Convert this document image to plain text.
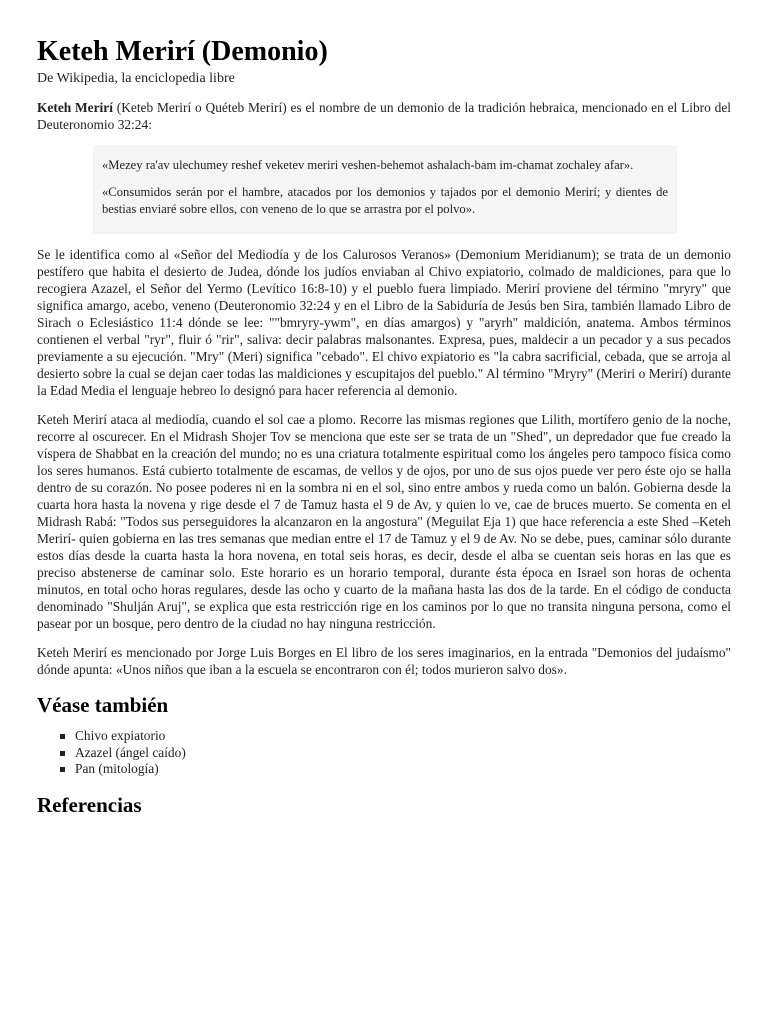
Keteh Merirí (Demonio)
De Wikipedia, la enciclopedia libre

Keteh Merirí (Keteb Merirí o Quéteb Merirí) es el nombre de un demonio de la tradición hebraica, mencionado en el Libro del Deuteronomio 32:24:

«Mezey ra'av ulechumey reshef veketev meriri veshen-behemot ashalach-bam im-chamat zochaley afar».

«Consumidos serán por el hambre, atacados por los demonios y tajados por el demonio Merirí; y dientes de bestias enviaré sobre ellos, con veneno de lo que se arrastra por el polvo».

Se le identifica como al «Señor del Mediodía y de los Calurosos Veranos» (Demonium Meridianum); se trata de un demonio pestífero que habita el desierto de Judea, dónde los judíos enviaban al Chivo expiatorio, colmado de maldiciones, para que lo recogiera Azazel, el Señor del Yermo (Levítico 16:8-10) y el pueblo fuera limpiado. Merirí proviene del término "mryry" que significa amargo, acebo, veneno (Deuteronomio 32:24 y en el Libro de la Sabiduría de Jesús ben Sira, también llamado Libro de Sirach o Eclesiástico 11:4 dónde se lee: ""bmryry-ywm", en días amargos) y "aryrh" maldición, anatema. Ambos términos contienen el verbal "ryr", fluir ó "rir", saliva: decir palabras malsonantes. Expresa, pues, maldecir a un pecador y a sus pecados previamente a su ejecución. "Mry" (Meri) significa "cebado". El chivo expiatorio es "la cabra sacrificial, cebada, que se arroja al desierto sobre la cual se dejan caer todas las maldiciones y escupitajos del pueblo." Al término "Mryry" (Meriri o Merirí) durante la Edad Media el lenguaje hebreo lo designó para hacer referencia al demonio.

Keteh Merirí ataca al mediodía, cuando el sol cae a plomo. Recorre las mismas regiones que Lilith, mortífero genio de la noche, recorre al oscurecer. En el Midrash Shojer Tov se menciona que este ser se trata de un "Shed", un depredador que fue creado la víspera de Shabbat en la creación del mundo; no es una criatura totalmente espiritual como los ángeles pero tampoco física como los seres humanos. Está cubierto totalmente de escamas, de vellos y de ojos, por uno de sus ojos puede ver pero éste ojo se halla dentro de su corazón. No posee poderes ni en la sombra ni en el sol, sino entre ambos y rueda como un balón. Gobierna desde la cuarta hora hasta la novena y rige desde el 7 de Tamuz hasta el 9 de Av, y quien lo ve, cae de bruces muerto. Se comenta en el Midrash Rabá: "Todos sus perseguidores la alcanzaron en la angostura" (Meguilat Eja 1) que hace referencia a este Shed –Keteh Merirí- quien gobierna en las tres semanas que median entre el 17 de Tamuz y el 9 de Av. No se debe, pues, caminar sólo durante estos días desde la cuarta hasta la hora novena, en total seis horas, es decir, desde el alba se cuentan seis horas en las que es preciso abstenerse de caminar solo. Este horario es un horario temporal, durante ésta época en Israel son horas de ochenta minutos, en total ocho horas regulares, desde las ocho y cuarto de la mañana hasta las dos de la tarde. En el código de conducta denominado "Shulján Aruj", se explica que esta restricción rige en los caminos por lo que no transita ninguna persona, como el pasear por un bosque, pero dentro de la ciudad no hay ninguna restricción.

Keteh Merirí es mencionado por Jorge Luis Borges en El libro de los seres imaginarios, en la entrada "Demonios del judaísmo" dónde apunta: «Unos niños que iban a la escuela se encontraron con él; todos murieron salvo dos».

Véase también
Chivo expiatorio
Azazel (ángel caído)
Pan (mitología)
Referencias
